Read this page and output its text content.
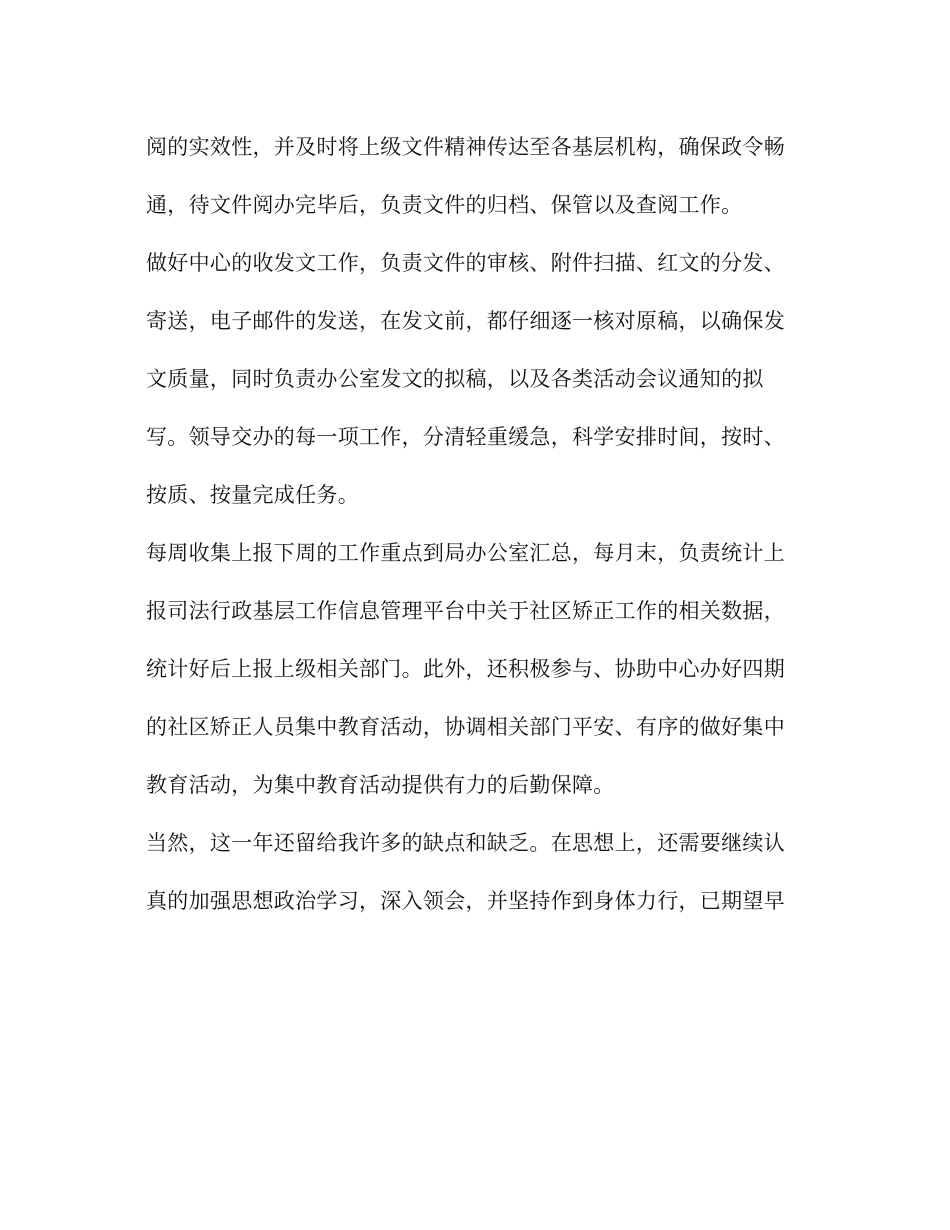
阅的实效性，并及时将上级文件精神传达至各基层机构，确保政令畅
通，待文件阅办完毕后，负责文件的归档、保管以及查阅工作。
做好中心的收发文工作，负责文件的审核、附件扫描、红文的分发、
寄送，电子邮件的发送，在发文前，都仔细逐一核对原稿，以确保发
文质量，同时负责办公室发文的拟稿，以及各类活动会议通知的拟
写。领导交办的每一项工作，分清轻重缓急，科学安排时间，按时、
按质、按量完成任务。
每周收集上报下周的工作重点到局办公室汇总，每月末，负责统计上
报司法行政基层工作信息管理平台中关于社区矫正工作的相关数据，
统计好后上报上级相关部门。此外，还积极参与、协助中心办好四期
的社区矫正人员集中教育活动，协调相关部门平安、有序的做好集中
教育活动，为集中教育活动提供有力的后勤保障。
当然，这一年还留给我许多的缺点和缺乏。在思想上，还需要继续认
真的加强思想政治学习，深入领会，并坚持作到身体力行，已期望早
